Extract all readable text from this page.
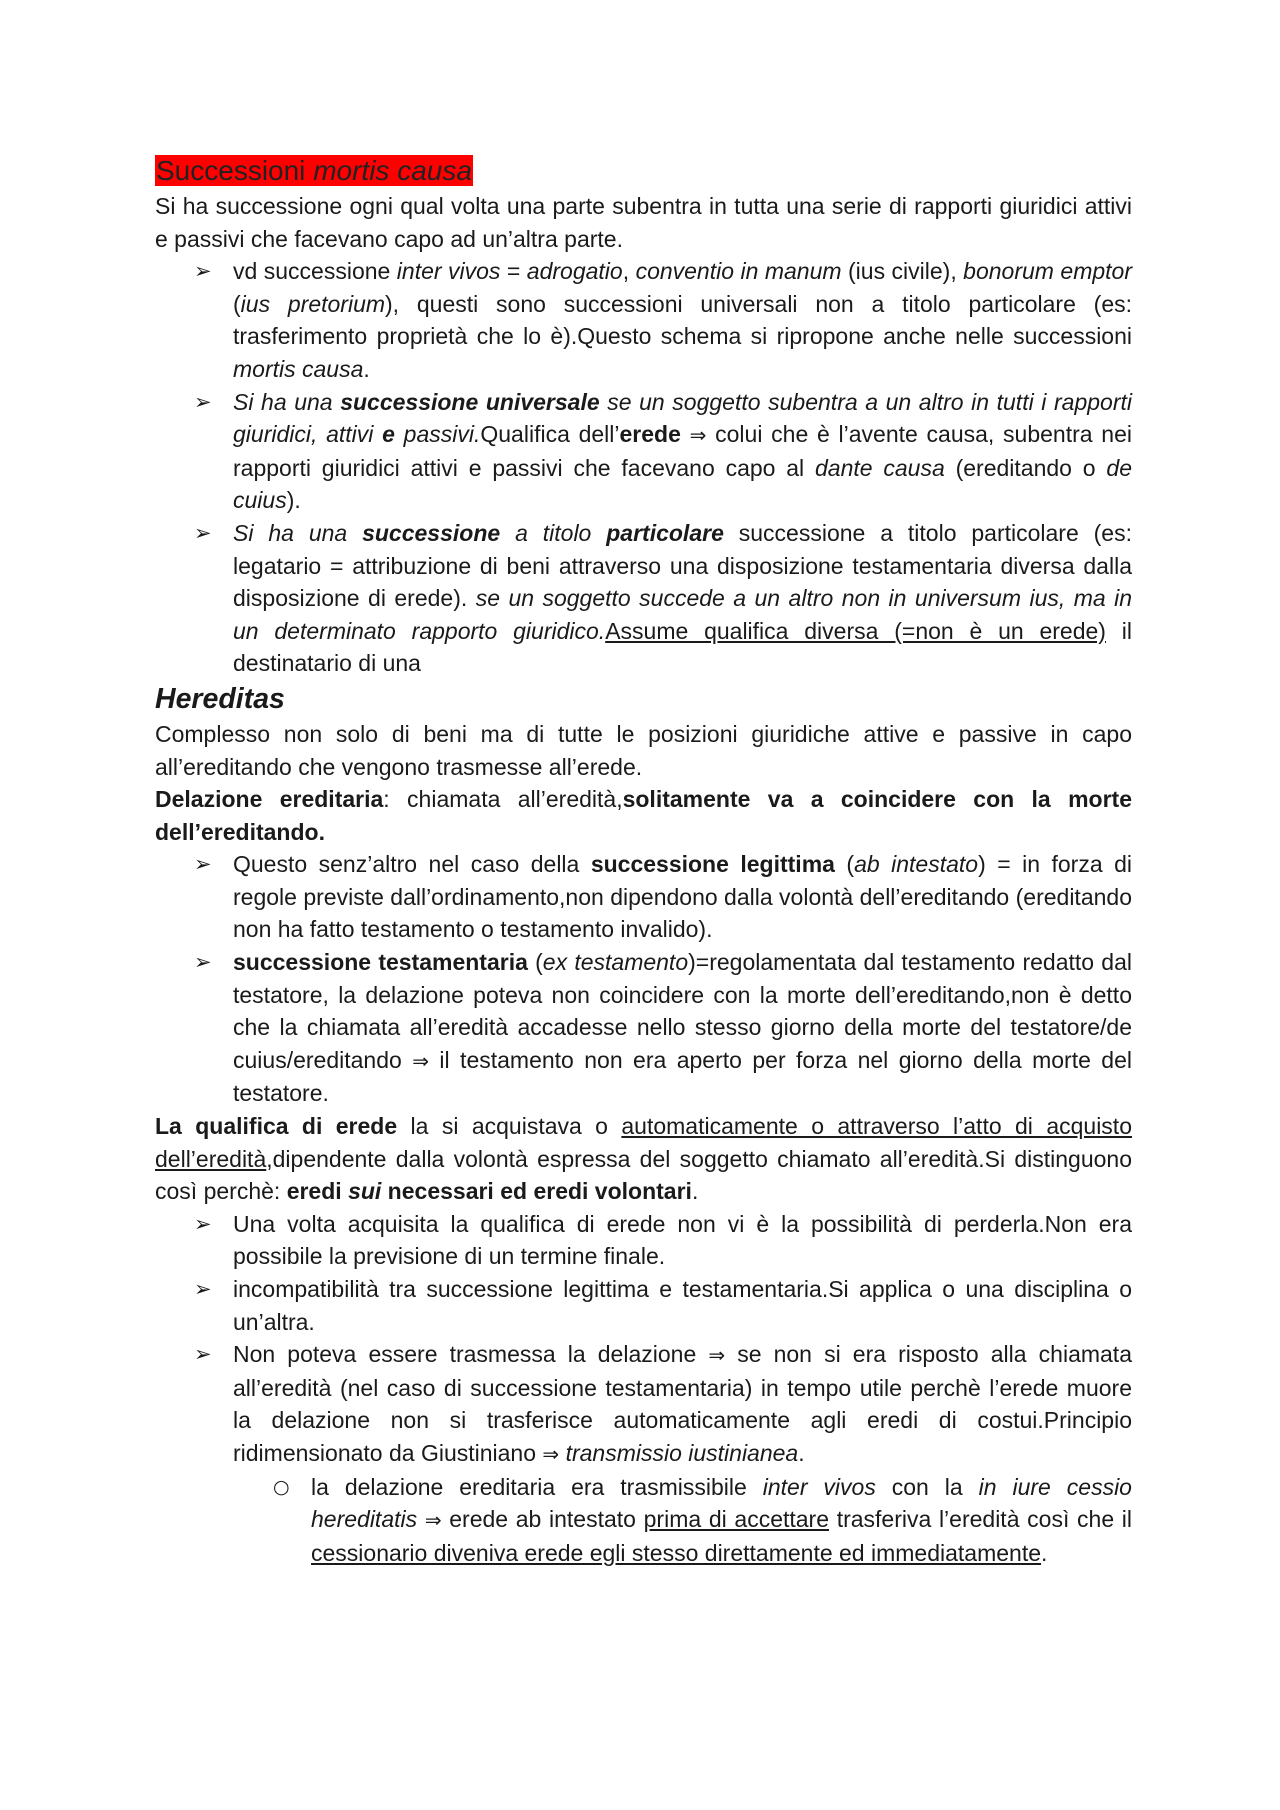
Successioni mortis causa

Si ha successione ogni qual volta una parte subentra in tutta una serie di rapporti giuridici attivi e passivi che facevano capo ad un’altra parte.

➢ vd successione inter vivos = adrogatio, conventio in manum (ius civile), bonorum emptor (ius pretorium), questi sono successioni universali non a titolo particolare (es: trasferimento proprietà che lo è).Questo schema si ripropone anche nelle successioni mortis causa.
➢ Si ha una successione universale se un soggetto subentra a un altro in tutti i rapporti giuridici, attivi e passivi.Qualifica dell’erede ⇒ colui che è l’avente causa, subentra nei rapporti giuridici attivi e passivi che facevano capo al dante causa (ereditando o de cuius).
➢ Si ha una successione a titolo particolare successione a titolo particolare (es: legatario = attribuzione di beni attraverso una disposizione testamentaria diversa dalla disposizione di erede). se un soggetto succede a un altro non in universum ius, ma in un determinato rapporto giuridico.Assume qualifica diversa (=non è un erede) il destinatario di una
Hereditas

Complesso non solo di beni ma di tutte le posizioni giuridiche attive e passive in capo all’ereditando che vengono trasmesse all’erede.

Delazione ereditaria: chiamata all’eredità,solitamente va a coincidere con la morte dell’ereditando.

➢ Questo senz’altro nel caso della successione legittima (ab intestato) = in forza di regole previste dall’ordinamento,non dipendono dalla volontà dell’ereditando (ereditando non ha fatto testamento o testamento invalido).
➢ successione testamentaria (ex testamento)=regolamentata dal testamento redatto dal testatore, la delazione poteva non coincidere con la morte dell’ereditando,non è detto che la chiamata all’eredità accadesse nello stesso giorno della morte del testatore/de cuius/ereditando ⇒ il testamento non era aperto per forza nel giorno della morte del testatore.

La qualifica di erede la si acquistava o automaticamente o attraverso l’atto di acquisto dell’eredità,dipendente dalla volontà espressa del soggetto chiamato all’eredità.Si distinguono così perchè: eredi sui necessari ed eredi volontari.

➢ Una volta acquisita la qualifica di erede non vi è la possibilità di perderla.Non era possibile la previsione di un termine finale.
➢ incompatibilità tra successione legittima e testamentaria.Si applica o una disciplina o un’altra.
➢ Non poteva essere trasmessa la delazione ⇒ se non si era risposto alla chiamata all’eredità (nel caso di successione testamentaria) in tempo utile perchè l’erede muore la delazione non si trasferisce automaticamente agli eredi di costui.Principio ridimensionato da Giustiniano ⇒ transmissio iustinianea.
○ la delazione ereditaria era trasmissibile inter vivos con la in iure cessio hereditatis ⇒ erede ab intestato prima di accettare trasferiva l’eredità così che il cessionario diveniva erede egli stesso direttamente ed immediatamente.
